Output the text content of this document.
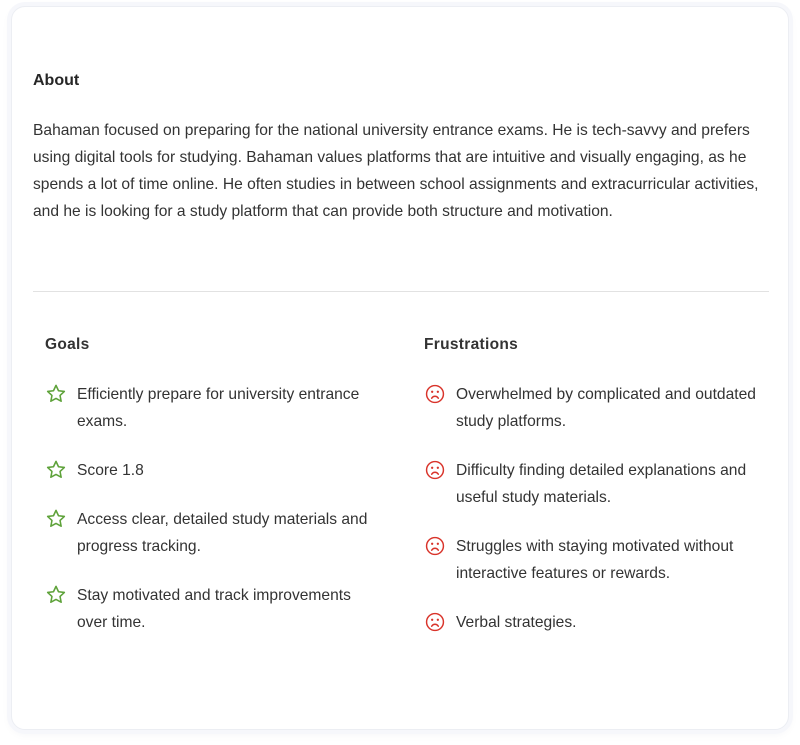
About

Bahaman focused on preparing for the national university entrance exams. He is tech-savvy and prefers using digital tools for studying. Bahaman values platforms that are intuitive and visually engaging, as he spends a lot of time online. He often studies in between school assignments and extracurricular activities, and he is looking for a study platform that can provide both structure and motivation.

Goals
Efficiently prepare for university entrance exams.
Score 1.8
Access clear, detailed study materials and progress tracking.
Stay motivated and track improvements over time.
Frustrations
Overwhelmed by complicated and outdated study platforms.
Difficulty finding detailed explanations and useful study materials.
Struggles with staying motivated without interactive features or rewards.
Verbal strategies.
